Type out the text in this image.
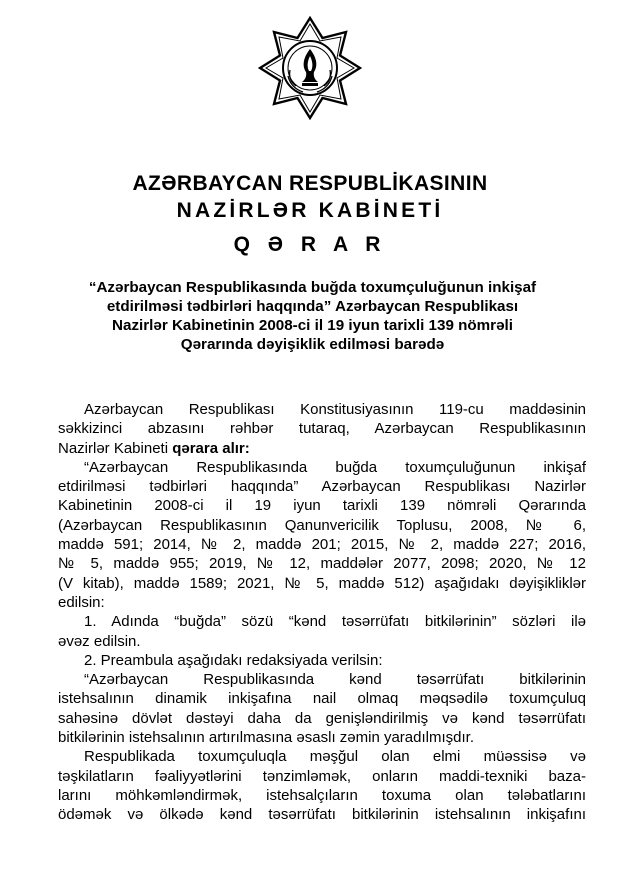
AZƏRBAYCAN RESPUBLİKASININ
NAZİRLƏR KABİNETİ
Q Ə R A R
“Azərbaycan Respublikasında buğda toxumçuluğunun inkişaf
etdirilməsi tədbirləri haqqında” Azərbaycan Respublikası
Nazirlər Kabinetinin 2008-ci il 19 iyun tarixli 139 nömrəli
Qərarında dəyişiklik edilməsi barədə
Azərbaycan Respublikası Konstitusiyasının 119-cu maddəsinin
səkkizinci abzasını rəhbər tutaraq, Azərbaycan Respublikasının
Nazirlər Kabineti qərara alır:
“Azərbaycan Respublikasında buğda toxumçuluğunun inkişaf
etdirilməsi tədbirləri haqqında” Azərbaycan Respublikası Nazirlər
Kabinetinin 2008-ci il 19 iyun tarixli 139 nömrəli Qərarında
(Azərbaycan Respublikasının Qanunvericilik Toplusu, 2008, № 6,
maddə 591; 2014, № 2, maddə 201; 2015, № 2, maddə 227; 2016,
№ 5, maddə 955; 2019, № 12, maddələr 2077, 2098; 2020, № 12
(V kitab), maddə 1589; 2021, № 5, maddə 512) aşağıdakı dəyişikliklər
edilsin:
1. Adında “buğda” sözü “kənd təsərrüfatı bitkilərinin” sözləri ilə
əvəz edilsin.
2. Preambula aşağıdakı redaksiyada verilsin:
“Azərbaycan Respublikasında kənd təsərrüfatı bitkilərinin
istehsalının dinamik inkişafına nail olmaq məqsədilə toxumçuluq
sahəsinə dövlət dəstəyi daha da genişləndirilmiş və kənd təsərrüfatı
bitkilərinin istehsalının artırılmasına əsaslı zəmin yaradılmışdır.
Respublikada toxumçuluqla məşğul olan elmi müəssisə və
təşkilatların fəaliyyətlərini tənzimləmək, onların maddi-texniki baza-
larını möhkəmləndirmək, istehsalçıların toxuma olan tələbatlarını
ödəmək və ölkədə kənd təsərrüfatı bitkilərinin istehsalının inkişafını
